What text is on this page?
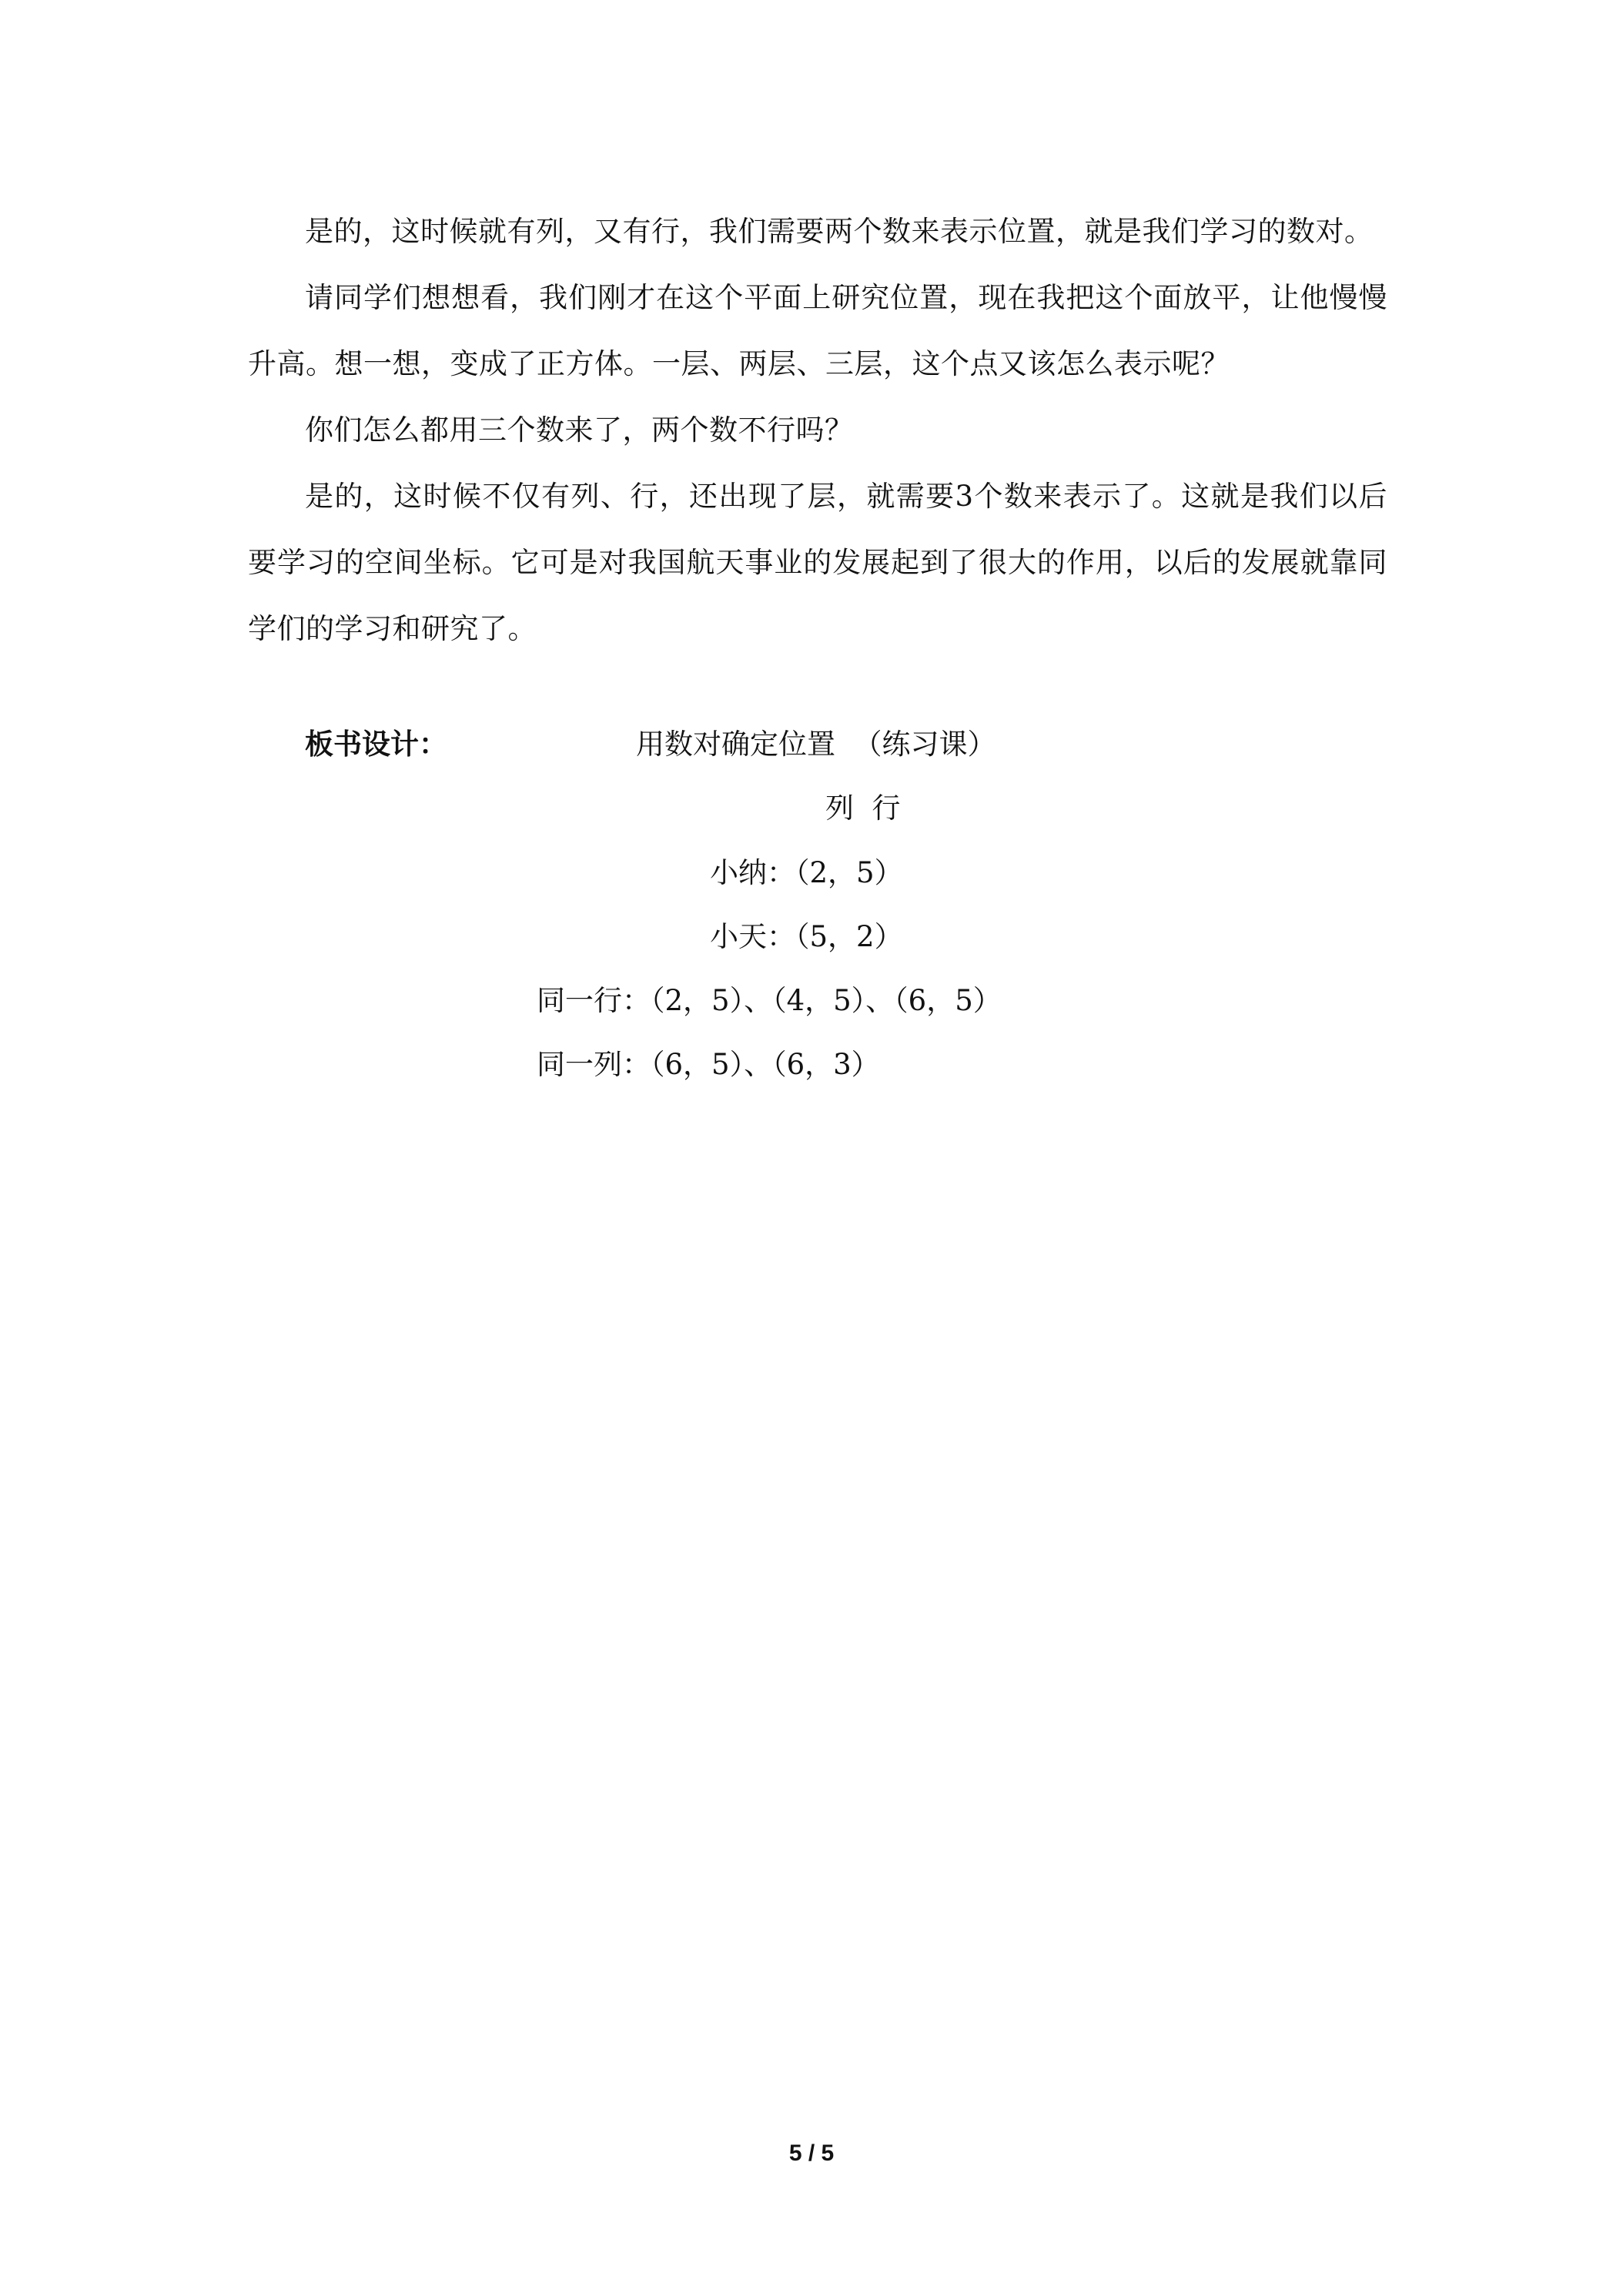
是的，这时候就有列，又有行，我们需要两个数来表示位置，就是我们学习的数对。

请同学们想想看，我们刚才在这个平面上研究位置，现在我把这个面放平，让他慢慢升高。想一想，变成了正方体。一层、两层、三层，这个点又该怎么表示呢？

你们怎么都用三个数来了，两个数不行吗？

是的，这时候不仅有列、行，还出现了层，就需要3个数来表示了。这就是我们以后要学习的空间坐标。它可是对我国航天事业的发展起到了很大的作用，以后的发展就靠同学们的学习和研究了。

板书设计：	用数对确定位置  （练习课）
列  行
小纳：（2，5）
小天：（5，2）
同一行：（2，5）、（4，5）、（6，5）
同一列：（6，5）、（6，3）
5 / 5
